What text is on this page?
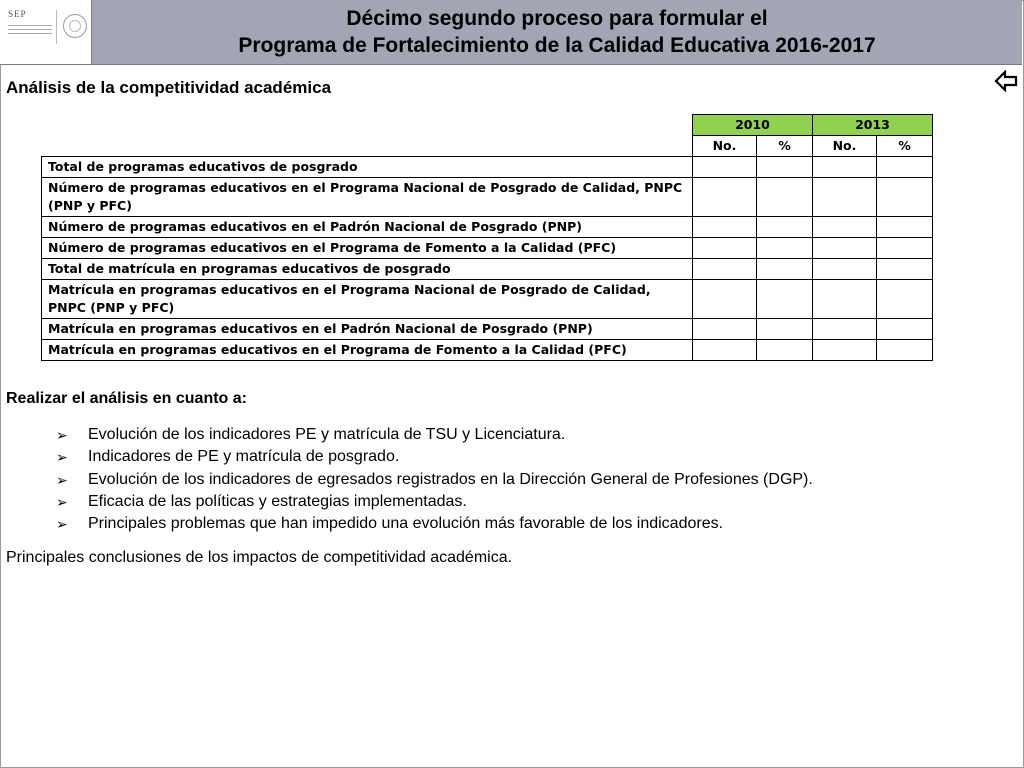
SEP	Décimo segundo proceso para formular el
Programa de Fortalecimiento de la Calidad Educativa 2016-2017
Análisis de la competitividad académica
	2010		2013	
	No.	%	No.	%
Total de programas educativos de posgrado				
Número de programas educativos en el Programa Nacional de Posgrado de Calidad, PNPC (PNP y PFC)				
Número de programas educativos en el Padrón Nacional de Posgrado (PNP)				
Número de programas educativos en el Programa de Fomento a la Calidad (PFC)				
Total de matrícula en programas educativos de posgrado				
Matrícula en programas educativos en el Programa Nacional de Posgrado de Calidad, PNPC (PNP y PFC)				
Matrícula en programas educativos en el Padrón Nacional de Posgrado (PNP)				
Matrícula en programas educativos en el Programa de Fomento a la Calidad (PFC)				
Realizar el análisis en cuanto a:
➢ Evolución de los indicadores PE y matrícula de TSU y Licenciatura.
➢ Indicadores de PE y matrícula de posgrado.
➢ Evolución de los indicadores de egresados registrados en la Dirección General de Profesiones (DGP).
➢ Eficacia de las políticas y estrategias implementadas.
➢ Principales problemas que han impedido una evolución más favorable de los indicadores.
Principales conclusiones de los impactos de competitividad académica.
